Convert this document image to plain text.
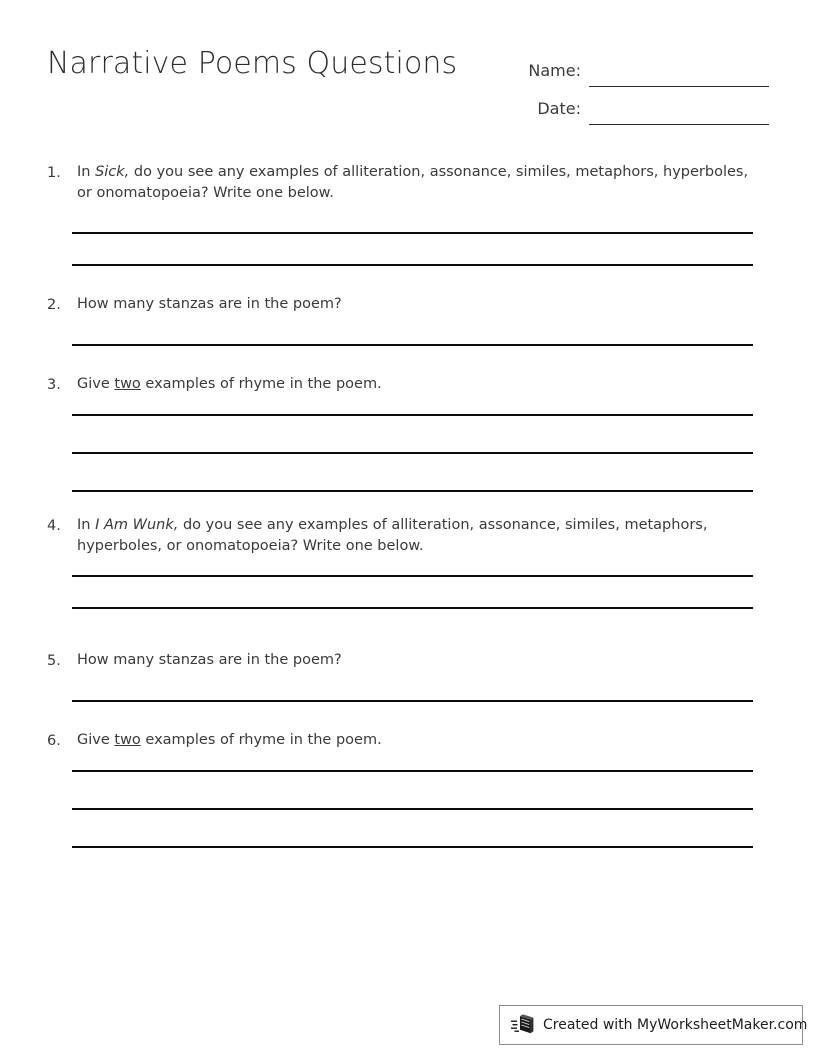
Narrative Poems Questions	Name:
Date:
1.	In Sick, do you see any examples of alliteration, assonance, similes, metaphors, hyperboles, or onomatopoeia? Write one below.
2.	How many stanzas are in the poem?
3.	Give two examples of rhyme in the poem.
4.	In I Am Wunk, do you see any examples of alliteration, assonance, similes, metaphors, hyperboles, or onomatopoeia? Write one below.
5.	How many stanzas are in the poem?
6.	Give two examples of rhyme in the poem.
Created with MyWorksheetMaker.com
